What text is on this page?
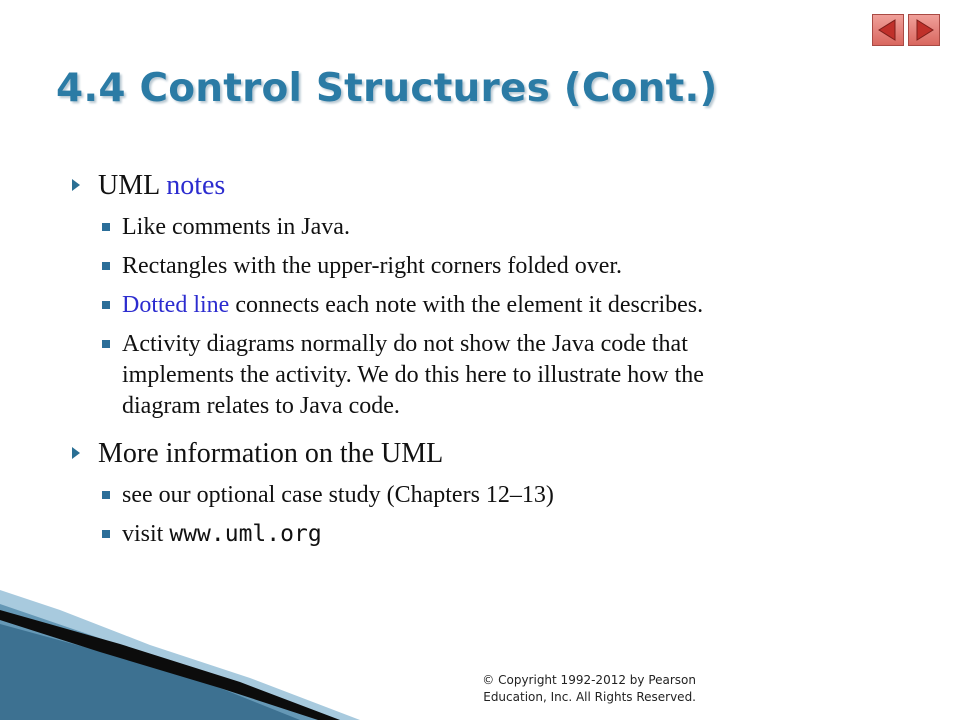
4.4 Control Structures (Cont.)
UML notes
Like comments in Java.
Rectangles with the upper-right corners folded over.
Dotted line connects each note with the element it describes.
Activity diagrams normally do not show the Java code that
implements the activity. We do this here to illustrate how the
diagram relates to Java code.
More information on the UML
see our optional case study (Chapters 12–13)
visit www.uml.org
© Copyright 1992-2012 by Pearson
Education, Inc. All Rights Reserved.
